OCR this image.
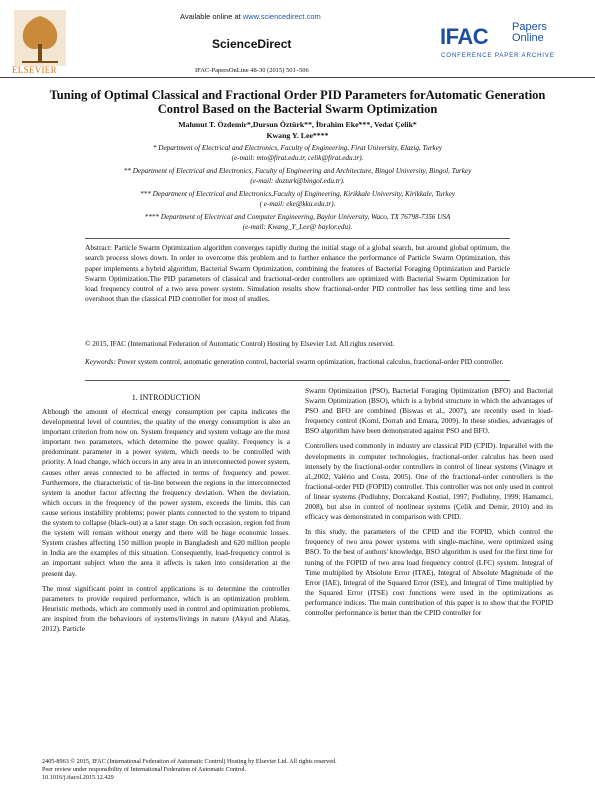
ELSEVIER
Available online at www.sciencedirect.com
ScienceDirect
IFAC-PapersOnLine 48-30 (2015) 501–506
IFAC Papers
Online
CONFERENCE PAPER ARCHIVE
Tuning of Optimal Classical and Fractional Order PID Parameters forAutomatic Generation Control Based on the Bacterial Swarm Optimization
Mahmut T. Özdemir*,Dursun Öztürk**, İbrahim Eke***, Vedat Çelik*
Kwang Y. Lee****
* Department of Electrical and Electronics, Faculty of Engineering, Firat University, Elazig, Turkey
(e-mail: mto@firat.edu.tr, celik@firat.edu.tr).
** Department of Electrical and Electronics, Faculty of Engineering and Architecture, Bingol University, Bingol, Turkey
(e-mail: dozturk@bingol.edu.tr).
*** Department of Electrical and Electronics,Faculty of Engineering, Kirikkale University, Kirikkale, Turkey
( e-mail: eke@kku.edu.tr).
**** Department of Electrical and Computer Engineering, Baylor University, Waco, TX 76798-7356 USA
(e-mail: Kwang_Y_Lee@ baylor.edu).
Abstract: Particle Swarm Optimization algorithm converges rapidly during the initial stage of a global search, but around global optimum, the search process slows down. In order to overcome this problem and to further enhance the performance of Particle Swarm Optimization, this paper implements a hybrid algorithm, Bacterial Swarm Optimization, combining the features of Bacterial Foraging Optimization and Particle Swarm Optimization.The PID parameters of classical and fractional-order controllers are optimized with Bacterial Swarm Optimization for load frequency control of a two area power system. Simulation results show fractional-order PID controller has less settling time and less overshoot than the classical PID controller for most of studies.
© 2015, IFAC (International Federation of Automatic Control) Hosting by Elsevier Ltd. All rights reserved.
Keywords: Power system control, automatic generation control, bacterial swarm optimization, fractional calculus, fractional-order PID controller.
1. INTRODUCTION

Although the amount of electrical energy consumption per capita indicates the developmental level of countries, the quality of the energy consumption is also an important criterion from now on. System frequency and system voltage are the most important two parameters, which determine the power quality. Frequency is a predominant parameter in a power system, which needs to be controlled with priority. A load change, which occurs in any area in an interconnected power system, causes other areas connected to be affected in terms of frequency and power. Furthermore, the characteristic of tie-line between the regions in the interconnected system is another factor affecting the frequency deviation. When the deviation, which occurs in the frequency of the power system, exceeds the limits, this can cause serious instability problems; power plants connected to the system to tripand the system to collapse (black-out) at a later stage. On such occasion, region fed from the system will remain without energy and there will be huge economic losses. System crashes affecting 150 million people in Bangladesh and 620 million people in India are the examples of this situation. Consequently, load-frequency control is an important subject when the area it affects is taken into consideration at the present day.

The most significant point in control applications is to determine the controller parameters to provide required performance, which is an optimization problem. Heuristic methods, which are commonly used in control and optimization problems, are inspired from the behaviours of systems/livings in nature (Akyol and Alataş, 2012). Particle

Swarm Optimization (PSO), Bacterial Foraging Optimization (BFO) and Bacterial Swarm Optimization (BSO), which is a hybrid structure in which the advantages of PSO and BFO are combined (Biswas et al., 2007), are recently used in load-frequency control (Komi, Dorrah and Emara, 2009). In these studies, advantages of BSO algorithm have been demonstrated against PSO and BFO.

Controllers used commonly in industry are classical PID (CPID). Inparallel with the developments in computer technologies, fractional-order calculus has been used intensely by the fractional-order controllers in control of linear systems (Vinagre et al.,2002; Valério and Costa, 2005). One of the fractional-order controllers is the fractional-order PID (FOPID) controller. This controller was not only used in control of linear systems (Podlubny, Dorcakand Kostial, 1997; Podlubny, 1999; Hamamci, 2008), but also in control of nonlinear systems (Çelik and Demir, 2010) and its efficacy was demonstrated in comparison with CPID.

In this study, the parameters of the CPID and the FOPID, which control the frequency of two area power systems with single-machine, were optimized using BSO. To the best of authors' knowledge, BSO algorithm is used for the first time for tuning of the FOPID of two area load frequency control (LFC) system. Integral of Time multiplied by Absolute Error (ITAE), Integral of Absolute Magnitude of the Error (IAE), Integral of the Squared Error (ISE), and Integral of Time multiplied by the Squared Error (ITSE) cost functions were used in the optimizations as performance indices. The main contribution of this paper is to show that the FOPID controller performance is better than the CPID controller for

2405-8963 © 2015, IFAC (International Federation of Automatic Control) Hosting by Elsevier Ltd. All rights reserved.
Peer review under responsibility of International Federation of Automatic Control.
10.1016/j.ifacol.2015.12.429
